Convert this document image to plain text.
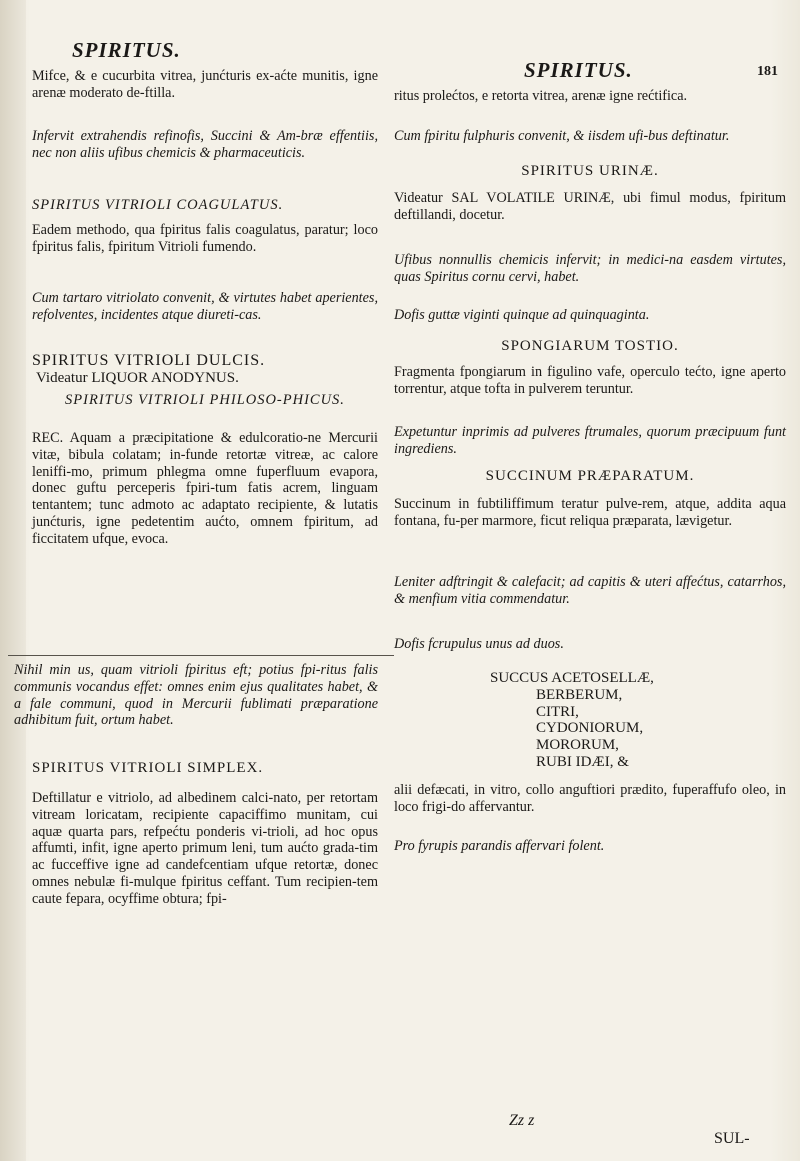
SPIRITUS.

Mifce, & e cucurbita vitrea, junćturis ex-aćte munitis, igne arenæ moderato de-ftilla.

Infervit extrahendis refinofis, Succini & Am-bræ effentiis, nec non aliis ufibus chemicis & pharmaceuticis.

SPIRITUS VITRIOLI COAGULATUS.

Eadem methodo, qua fpiritus falis coagulatus, paratur; loco fpiritus falis, fpiritum Vitrioli fumendo.

Cum tartaro vitriolato convenit, & virtutes habet aperientes, refolventes, incidentes atque diureti-cas.

SPIRITUS VITRIOLI DULCIS.

Videatur LIQUOR ANODYNUS.

SPIRITUS VITRIOLI PHILOSO-PHICUS.

REC. Aquam a præcipitatione & edulcoratio-ne Mercurii vitæ, bibula colatam; in-funde retortæ vitreæ, ac calore leniffi-mo, primum phlegma omne fuperfluum evapora, donec guftu perceperis fpiri-tum fatis acrem, linguam tentantem; tunc admoto ac adaptato recipiente, & lutatis junćturis, igne pedetentim aućto, omnem fpiritum, ad ficcitatem ufque, evoca.

Nihil min us, quam vitrioli fpiritus eft; potius fpi-ritus falis communis vocandus effet: omnes enim ejus qualitates habet, & a fale communi, quod in Mercurii fublimati præparatione adhibitum fuit, ortum habet.

SPIRITUS VITRIOLI SIMPLEX.

Deftillatur e vitriolo, ad albedinem calci-nato, per retortam vitream loricatam, recipiente capaciffimo munitam, cui aquæ quarta pars, refpećtu ponderis vi-trioli, ad hoc opus affumti, infit, igne aperto primum leni, tum aućto grada-tim ac fucceffive igne ad candefcentiam ufque retortæ, donec omnes nebulæ fi-mulque fpiritus ceffant. Tum recipien-tem caute fepara, ocyffime obtura; fpi-

SPIRITUS.	181

ritus prolećtos, e retorta vitrea, arenæ igne rećtifica.

Cum fpiritu fulphuris convenit, & iisdem ufi-bus deftinatur.

SPIRITUS URINÆ.

Videatur SAL VOLATILE URINÆ, ubi fimul modus, fpiritum deftillandi, docetur.

Ufibus nonnullis chemicis infervit; in medici-na easdem virtutes, quas Spiritus cornu cervi, habet.

Dofis guttæ viginti quinque ad quinquaginta.

SPONGIARUM TOSTIO.

Fragmenta fpongiarum in figulino vafe, operculo tećto, igne aperto torrentur, atque tofta in pulverem teruntur.

Expetuntur inprimis ad pulveres ftrumales, quorum præcipuum funt ingrediens.

SUCCINUM PRÆPARATUM.

Succinum in fubtiliffimum teratur pulve-rem, atque, addita aqua fontana, fu-per marmore, ficut reliqua præparata, lævigetur.

Leniter adftringit & calefacit; ad capitis & uteri affećtus, catarrhos, & menfium vitia commendatur.

Dofis fcrupulus unus ad duos.

SUCCUS ACETOSELLÆ,

BERBERUM,

CITRI,

CYDONIORUM,

MORORUM,

RUBI IDÆI, &

alii defæcati, in vitro, collo anguftiori prædito, fuperaffufo oleo, in loco frigi-do affervantur.

Pro fyrupis parandis affervari folent.

Zz z

SUL-
